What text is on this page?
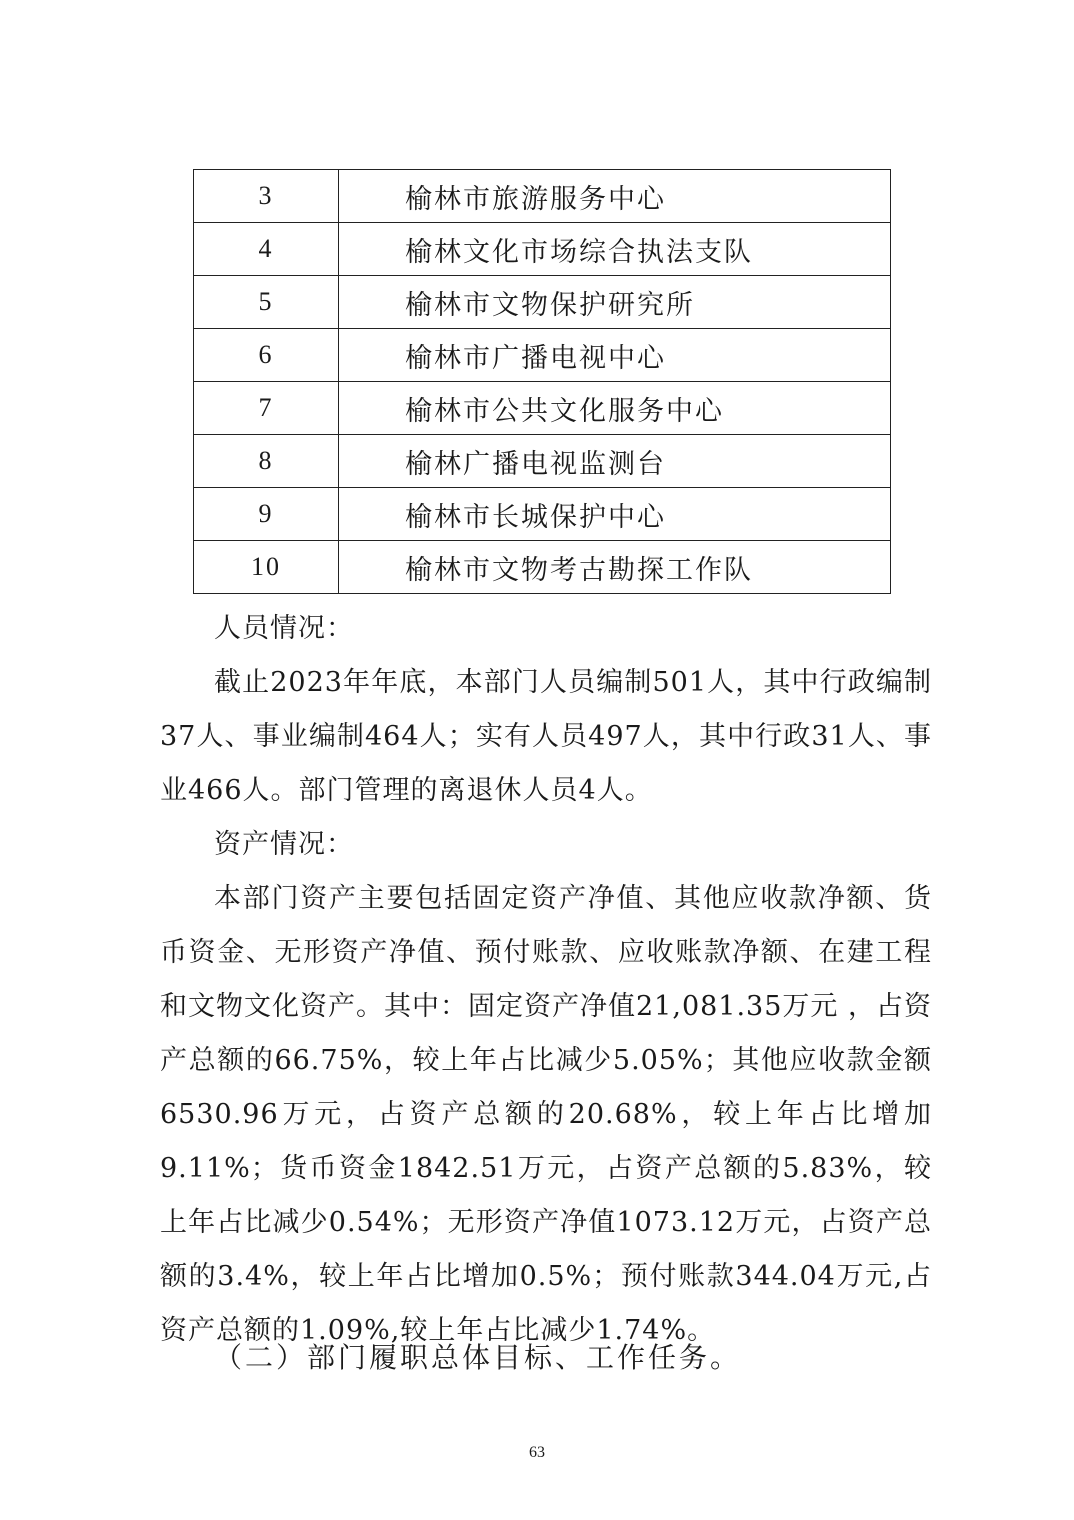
3	榆林市旅游服务中心
4	榆林文化市场综合执法支队
5	榆林市文物保护研究所
6	榆林市广播电视中心
7	榆林市公共文化服务中心
8	榆林广播电视监测台
9	榆林市长城保护中心
10	榆林市文物考古勘探工作队

人员情况：

截止2023年年底，本部门人员编制501人，其中行政编制37人、事业编制464人；实有人员497人，其中行政31人、事业466人。部门管理的离退休人员4人。

资产情况：

本部门资产主要包括固定资产净值、其他应收款净额、货币资金、无形资产净值、预付账款、应收账款净额、在建工程和文物文化资产。其中：固定资产净值21,081.35万元 ，占资产总额的66.75%，较上年占比减少5.05%；其他应收款金额6530.96万元，占资产总额的20.68%，较上年占比增加9.11%；货币资金1842.51万元，占资产总额的5.83%，较上年占比减少0.54%；无形资产净值1073.12万元，占资产总额的3.4%，较上年占比增加0.5%；预付账款344.04万元,占资产总额的1.09%,较上年占比减少1.74%。

（二）部门履职总体目标、工作任务。

63
